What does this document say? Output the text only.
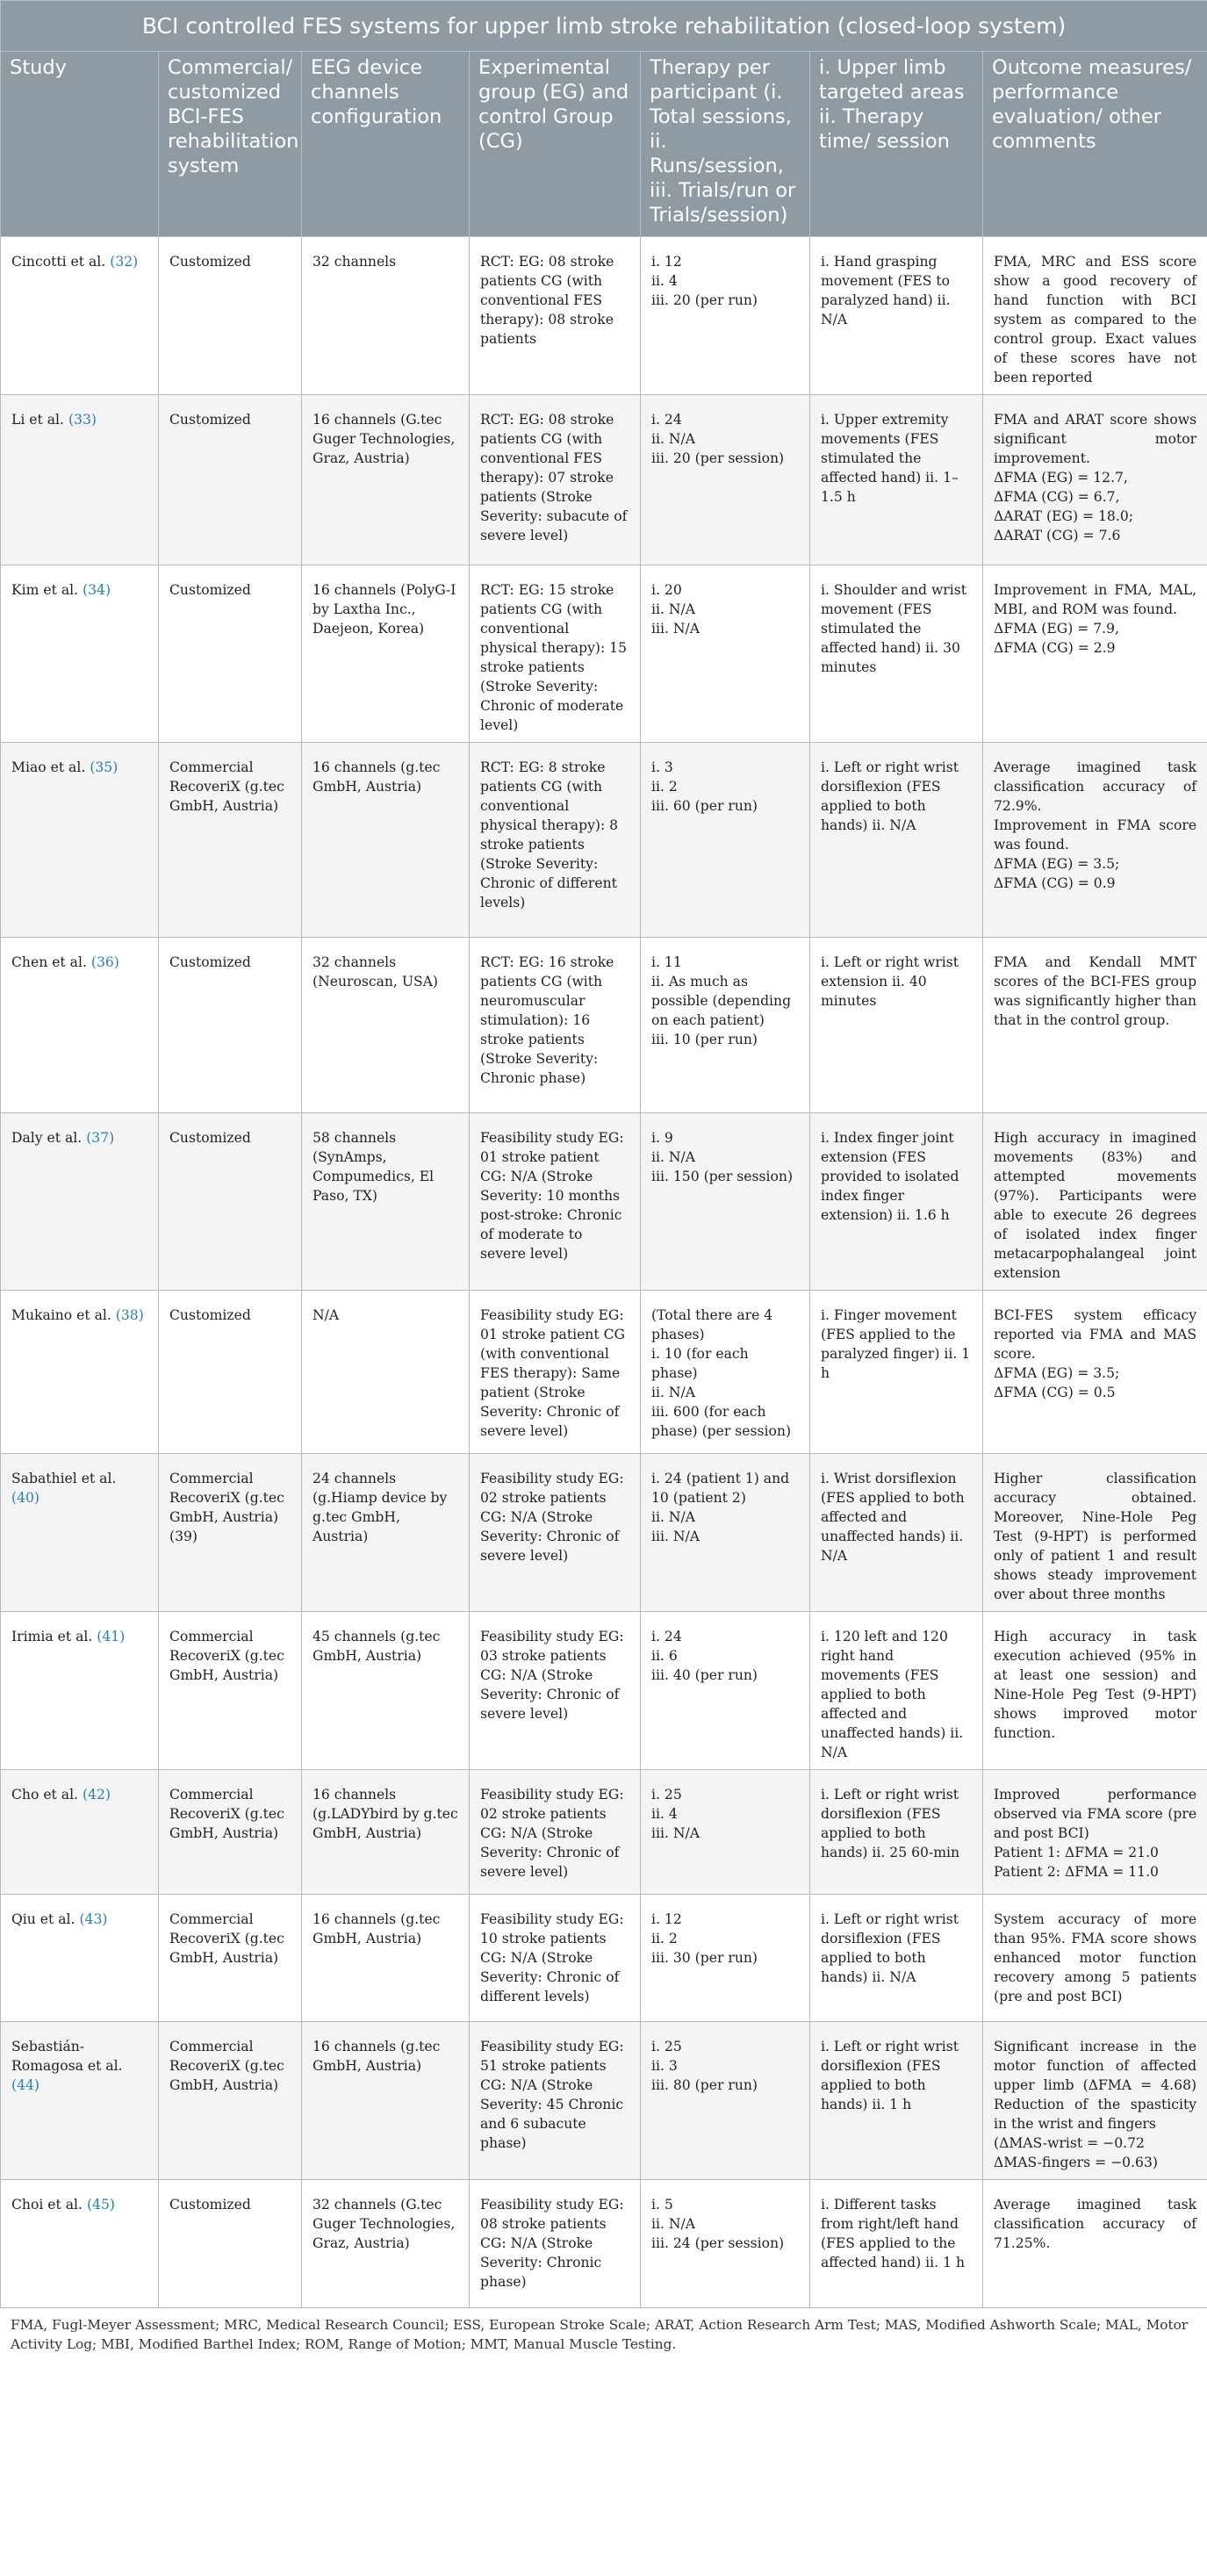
BCI controlled FES systems for upper limb stroke rehabilitation (closed-loop system)						
Study	Commercial/ customized BCI-FES rehabilitation system	EEG device channels configuration	Experimental group (EG) and control Group (CG)	Therapy per participant (i. Total sessions, ii. Runs/session, iii. Trials/run or Trials/session)	i. Upper limb targeted areas ii. Therapy time/ session	Outcome measures/ performance evaluation/ other comments
Cincotti et al. (32)	Customized	32 channels	RCT: EG: 08 stroke patients CG (with conventional FES therapy): 08 stroke patients	i. 12
ii. 4
iii. 20 (per run)	i. Hand grasping movement (FES to paralyzed hand) ii. N/A	FMA, MRC and ESS score show a good recovery of hand function with BCI system as compared to the control group. Exact values of these scores have not been reported

Li et al. (33)	Customized	16 channels (G.tec Guger Technologies, Graz, Austria)	RCT: EG: 08 stroke patients CG (with conventional FES therapy): 07 stroke patients (Stroke Severity: subacute of severe level)	i. 24
ii. N/A
iii. 20 (per session)	i. Upper extremity movements (FES stimulated the affected hand) ii. 1–1.5 h	FMA and ARAT score shows significant motor improvement.
ΔFMA (EG) = 12.7,
ΔFMA (CG) = 6.7,
ΔARAT (EG) = 18.0;
ΔARAT (CG) = 7.6

Kim et al. (34)	Customized	16 channels (PolyG-I by Laxtha Inc., Daejeon, Korea)	RCT: EG: 15 stroke patients CG (with conventional physical therapy): 15 stroke patients (Stroke Severity: Chronic of moderate level)	i. 20
ii. N/A
iii. N/A	i. Shoulder and wrist movement (FES stimulated the affected hand) ii. 30 minutes	Improvement in FMA, MAL, MBI, and ROM was found.
ΔFMA (EG) = 7.9,
ΔFMA (CG) = 2.9

Miao et al. (35)	Commercial RecoveriX (g.tec GmbH, Austria)	16 channels (g.tec GmbH, Austria)	RCT: EG: 8 stroke patients CG (with conventional physical therapy): 8 stroke patients (Stroke Severity: Chronic of different levels)	i. 3
ii. 2
iii. 60 (per run)	i. Left or right wrist dorsiflexion (FES applied to both hands) ii. N/A	Average imagined task classification accuracy of 72.9%.
Improvement in FMA score was found.
ΔFMA (EG) = 3.5;
ΔFMA (CG) = 0.9

Chen et al. (36)	Customized	32 channels (Neuroscan, USA)	RCT: EG: 16 stroke patients CG (with neuromuscular stimulation): 16 stroke patients (Stroke Severity: Chronic phase)	i. 11
ii. As much as possible (depending on each patient)
iii. 10 (per run)	i. Left or right wrist extension ii. 40 minutes	FMA and Kendall MMT scores of the BCI-FES group was significantly higher than that in the control group.

Daly et al. (37)	Customized	58 channels (SynAmps, Compumedics, El Paso, TX)	Feasibility study EG: 01 stroke patient CG: N/A (Stroke Severity: 10 months post-stroke: Chronic of moderate to severe level)	i. 9
ii. N/A
iii. 150 (per session)	i. Index finger joint extension (FES provided to isolated index finger extension) ii. 1.6 h	High accuracy in imagined movements (83%) and attempted movements (97%). Participants were able to execute 26 degrees of isolated index finger metacarpophalangeal joint extension

Mukaino et al. (38)	Customized	N/A	Feasibility study EG: 01 stroke patient CG (with conventional FES therapy): Same patient (Stroke Severity: Chronic of severe level)	(Total there are 4 phases)
i. 10 (for each phase)
ii. N/A
iii. 600 (for each phase) (per session)	i. Finger movement (FES applied to the paralyzed finger) ii. 1 h	BCI-FES system efficacy reported via FMA and MAS score.
ΔFMA (EG) = 3.5;
ΔFMA (CG) = 0.5

Sabathiel et al. (40)	Commercial RecoveriX (g.tec GmbH, Austria) (39)	24 channels (g.Hiamp device by g.tec GmbH, Austria)	Feasibility study EG: 02 stroke patients CG: N/A (Stroke Severity: Chronic of severe level)	i. 24 (patient 1) and 10 (patient 2)
ii. N/A
iii. N/A	i. Wrist dorsiflexion (FES applied to both affected and unaffected hands) ii. N/A	Higher classification accuracy obtained. Moreover, Nine-Hole Peg Test (9-HPT) is performed only of patient 1 and result shows steady improvement over about three months

Irimia et al. (41)	Commercial RecoveriX (g.tec GmbH, Austria)	45 channels (g.tec GmbH, Austria)	Feasibility study EG: 03 stroke patients CG: N/A (Stroke Severity: Chronic of severe level)	i. 24
ii. 6
iii. 40 (per run)	i. 120 left and 120 right hand movements (FES applied to both affected and unaffected hands) ii. N/A	High accuracy in task execution achieved (95% in at least one session) and Nine-Hole Peg Test (9-HPT) shows improved motor function.

Cho et al. (42)	Commercial RecoveriX (g.tec GmbH, Austria)	16 channels (g.LADYbird by g.tec GmbH, Austria)	Feasibility study EG: 02 stroke patients CG: N/A (Stroke Severity: Chronic of severe level)	i. 25
ii. 4
iii. N/A	i. Left or right wrist dorsiflexion (FES applied to both hands) ii. 25 60-min	Improved performance observed via FMA score (pre and post BCI)
Patient 1: ΔFMA = 21.0
Patient 2: ΔFMA = 11.0

Qiu et al. (43)	Commercial RecoveriX (g.tec GmbH, Austria)	16 channels (g.tec GmbH, Austria)	Feasibility study EG: 10 stroke patients CG: N/A (Stroke Severity: Chronic of different levels)	i. 12
ii. 2
iii. 30 (per run)	i. Left or right wrist dorsiflexion (FES applied to both hands) ii. N/A	System accuracy of more than 95%. FMA score shows enhanced motor function recovery among 5 patients (pre and post BCI)

Sebastián-Romagosa et al. (44)	Commercial RecoveriX (g.tec GmbH, Austria)	16 channels (g.tec GmbH, Austria)	Feasibility study EG: 51 stroke patients CG: N/A (Stroke Severity: 45 Chronic and 6 subacute phase)	i. 25
ii. 3
iii. 80 (per run)	i. Left or right wrist dorsiflexion (FES applied to both hands) ii. 1 h	Significant increase in the motor function of affected upper limb (ΔFMA = 4.68) Reduction of the spasticity in the wrist and fingers
(ΔMAS-wrist = −0.72
ΔMAS-fingers = −0.63)

Choi et al. (45)	Customized	32 channels (G.tec Guger Technologies, Graz, Austria)	Feasibility study EG: 08 stroke patients CG: N/A (Stroke Severity: Chronic phase)	i. 5
ii. N/A
iii. 24 (per session)	i. Different tasks from right/left hand (FES applied to the affected hand) ii. 1 h	Average imagined task classification accuracy of 71.25%.
FMA, Fugl-Meyer Assessment; MRC, Medical Research Council; ESS, European Stroke Scale; ARAT, Action Research Arm Test; MAS, Modified Ashworth Scale; MAL, Motor Activity Log; MBI, Modified Barthel Index; ROM, Range of Motion; MMT, Manual Muscle Testing.
